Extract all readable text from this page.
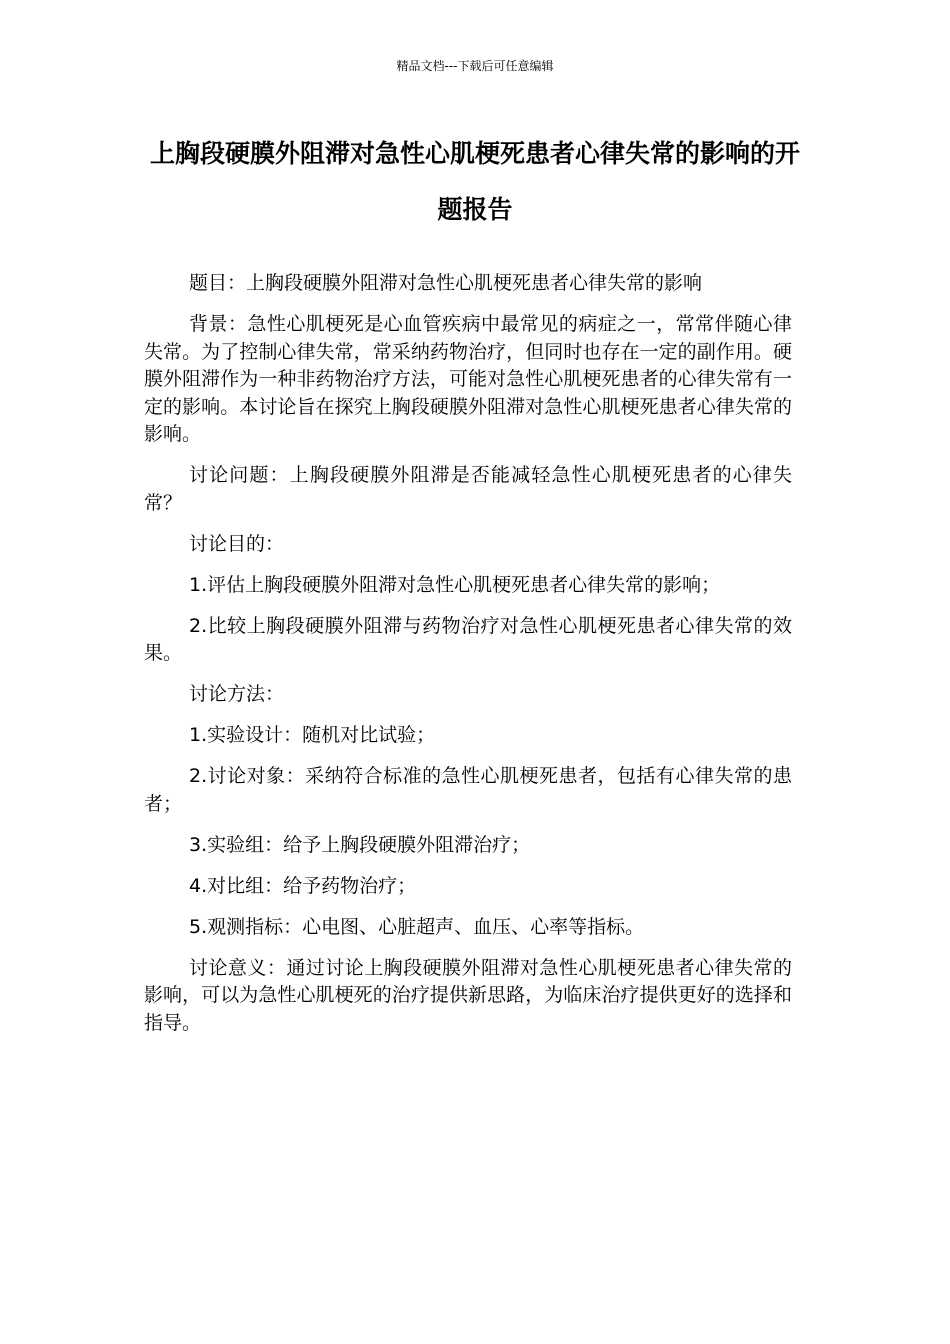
精品文档---下载后可任意编辑
上胸段硬膜外阻滞对急性心肌梗死患者心律失常的影响的开题报告

题目：上胸段硬膜外阻滞对急性心肌梗死患者心律失常的影响

背景：急性心肌梗死是心血管疾病中最常见的病症之一，常常伴随心律失常。为了控制心律失常，常采纳药物治疗，但同时也存在一定的副作用。硬膜外阻滞作为一种非药物治疗方法，可能对急性心肌梗死患者的心律失常有一定的影响。本讨论旨在探究上胸段硬膜外阻滞对急性心肌梗死患者心律失常的影响。

讨论问题：上胸段硬膜外阻滞是否能减轻急性心肌梗死患者的心律失常？

讨论目的：

1.评估上胸段硬膜外阻滞对急性心肌梗死患者心律失常的影响；

2.比较上胸段硬膜外阻滞与药物治疗对急性心肌梗死患者心律失常的效果。

讨论方法：

1.实验设计：随机对比试验；

2.讨论对象：采纳符合标准的急性心肌梗死患者，包括有心律失常的患者；

3.实验组：给予上胸段硬膜外阻滞治疗；

4.对比组：给予药物治疗；

5.观测指标：心电图、心脏超声、血压、心率等指标。

讨论意义：通过讨论上胸段硬膜外阻滞对急性心肌梗死患者心律失常的影响，可以为急性心肌梗死的治疗提供新思路，为临床治疗提供更好的选择和指导。
